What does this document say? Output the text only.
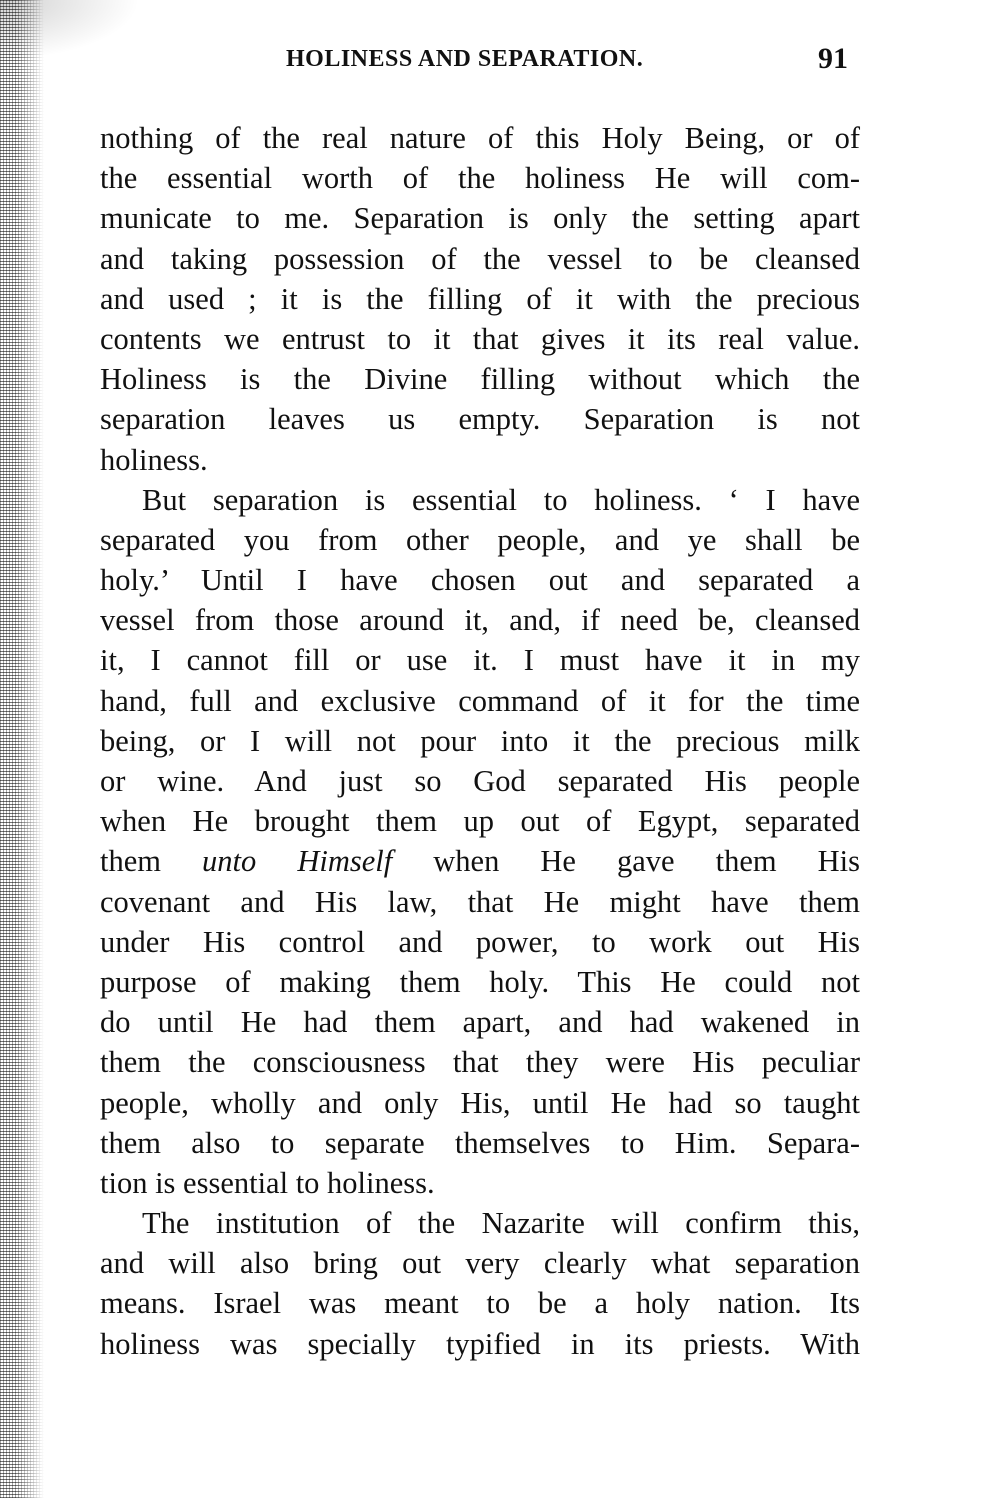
HOLINESS AND SEPARATION.	91
nothing of the real nature of this Holy Being, or of
the essential worth of the holiness He will com-
municate to me. Separation is only the setting apart
and taking possession of the vessel to be cleansed
and used ; it is the filling of it with the precious
contents we entrust to it that gives it its real value.
Holiness is the Divine filling without which the
separation leaves us empty. Separation is not
holiness.
But separation is essential to holiness. ‘ I have
separated you from other people, and ye shall be
holy.’ Until I have chosen out and separated a
vessel from those around it, and, if need be, cleansed
it, I cannot fill or use it. I must have it in my
hand, full and exclusive command of it for the time
being, or I will not pour into it the precious milk
or wine. And just so God separated His people
when He brought them up out of Egypt, separated
them unto Himself when He gave them His
covenant and His law, that He might have them
under His control and power, to work out His
purpose of making them holy. This He could not
do until He had them apart, and had wakened in
them the consciousness that they were His peculiar
people, wholly and only His, until He had so taught
them also to separate themselves to Him. Separa-
tion is essential to holiness.
The institution of the Nazarite will confirm this,
and will also bring out very clearly what separation
means. Israel was meant to be a holy nation. Its
holiness was specially typified in its priests. With
